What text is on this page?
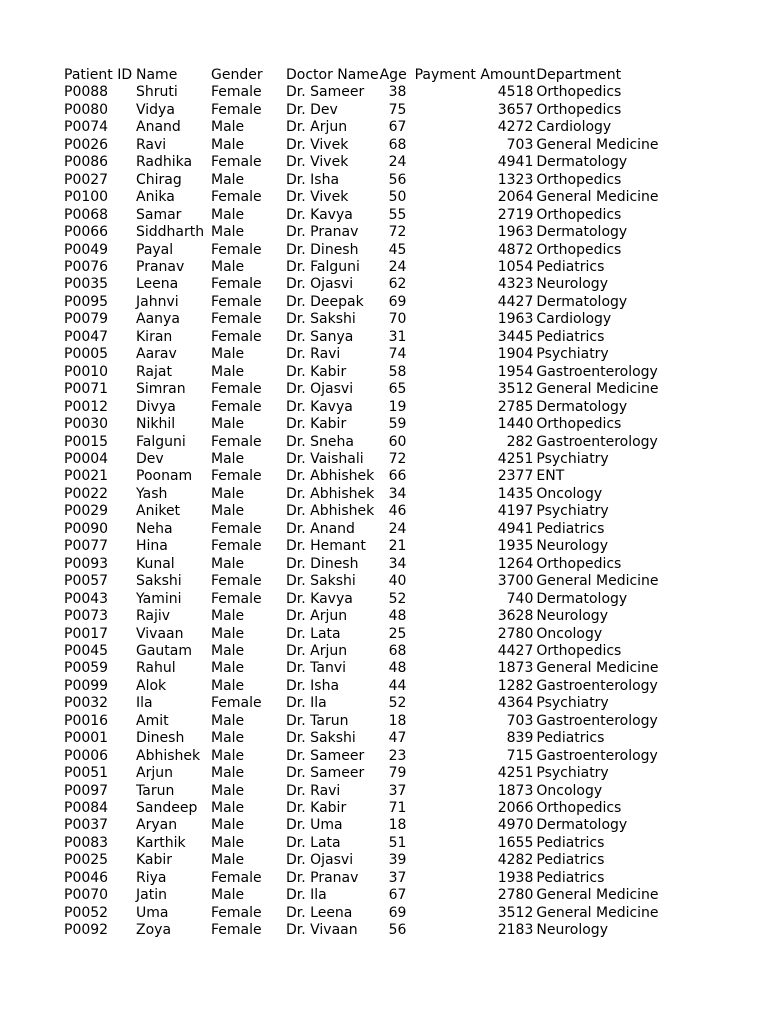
Patient ID	Name	Gender	Doctor Name	Age	Payment Amount	Department
P0088	Shruti	Female	Dr. Sameer	38	4518	Orthopedics
P0080	Vidya	Female	Dr. Dev	75	3657	Orthopedics
P0074	Anand	Male	Dr. Arjun	67	4272	Cardiology
P0026	Ravi	Male	Dr. Vivek	68	703	General Medicine
P0086	Radhika	Female	Dr. Vivek	24	4941	Dermatology
P0027	Chirag	Male	Dr. Isha	56	1323	Orthopedics
P0100	Anika	Female	Dr. Vivek	50	2064	General Medicine
P0068	Samar	Male	Dr. Kavya	55	2719	Orthopedics
P0066	Siddharth	Male	Dr. Pranav	72	1963	Dermatology
P0049	Payal	Female	Dr. Dinesh	45	4872	Orthopedics
P0076	Pranav	Male	Dr. Falguni	24	1054	Pediatrics
P0035	Leena	Female	Dr. Ojasvi	62	4323	Neurology
P0095	Jahnvi	Female	Dr. Deepak	69	4427	Dermatology
P0079	Aanya	Female	Dr. Sakshi	70	1963	Cardiology
P0047	Kiran	Female	Dr. Sanya	31	3445	Pediatrics
P0005	Aarav	Male	Dr. Ravi	74	1904	Psychiatry
P0010	Rajat	Male	Dr. Kabir	58	1954	Gastroenterology
P0071	Simran	Female	Dr. Ojasvi	65	3512	General Medicine
P0012	Divya	Female	Dr. Kavya	19	2785	Dermatology
P0030	Nikhil	Male	Dr. Kabir	59	1440	Orthopedics
P0015	Falguni	Female	Dr. Sneha	60	282	Gastroenterology
P0004	Dev	Male	Dr. Vaishali	72	4251	Psychiatry
P0021	Poonam	Female	Dr. Abhishek	66	2377	ENT
P0022	Yash	Male	Dr. Abhishek	34	1435	Oncology
P0029	Aniket	Male	Dr. Abhishek	46	4197	Psychiatry
P0090	Neha	Female	Dr. Anand	24	4941	Pediatrics
P0077	Hina	Female	Dr. Hemant	21	1935	Neurology
P0093	Kunal	Male	Dr. Dinesh	34	1264	Orthopedics
P0057	Sakshi	Female	Dr. Sakshi	40	3700	General Medicine
P0043	Yamini	Female	Dr. Kavya	52	740	Dermatology
P0073	Rajiv	Male	Dr. Arjun	48	3628	Neurology
P0017	Vivaan	Male	Dr. Lata	25	2780	Oncology
P0045	Gautam	Male	Dr. Arjun	68	4427	Orthopedics
P0059	Rahul	Male	Dr. Tanvi	48	1873	General Medicine
P0099	Alok	Male	Dr. Isha	44	1282	Gastroenterology
P0032	Ila	Female	Dr. Ila	52	4364	Psychiatry
P0016	Amit	Male	Dr. Tarun	18	703	Gastroenterology
P0001	Dinesh	Male	Dr. Sakshi	47	839	Pediatrics
P0006	Abhishek	Male	Dr. Sameer	23	715	Gastroenterology
P0051	Arjun	Male	Dr. Sameer	79	4251	Psychiatry
P0097	Tarun	Male	Dr. Ravi	37	1873	Oncology
P0084	Sandeep	Male	Dr. Kabir	71	2066	Orthopedics
P0037	Aryan	Male	Dr. Uma	18	4970	Dermatology
P0083	Karthik	Male	Dr. Lata	51	1655	Pediatrics
P0025	Kabir	Male	Dr. Ojasvi	39	4282	Pediatrics
P0046	Riya	Female	Dr. Pranav	37	1938	Pediatrics
P0070	Jatin	Male	Dr. Ila	67	2780	General Medicine
P0052	Uma	Female	Dr. Leena	69	3512	General Medicine
P0092	Zoya	Female	Dr. Vivaan	56	2183	Neurology
